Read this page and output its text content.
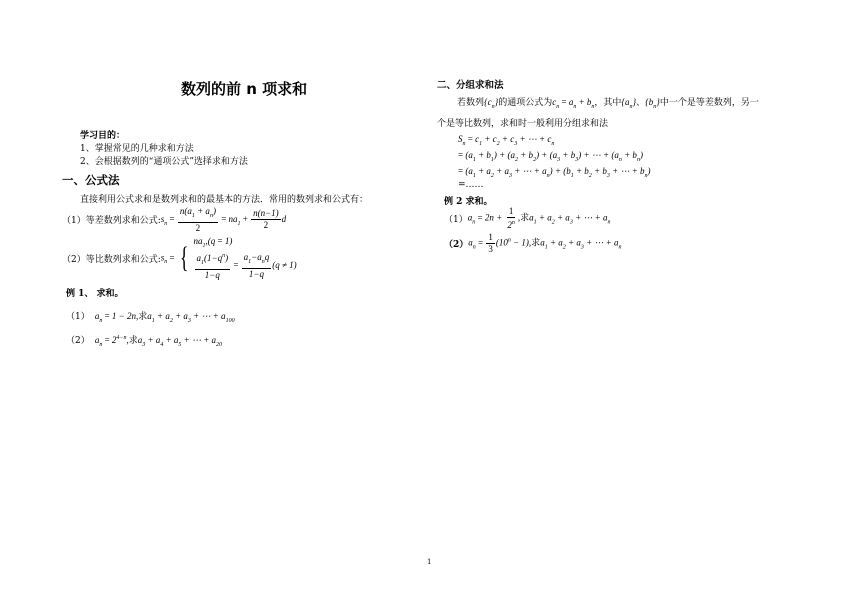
数列的前 n 项求和
学习目的：
1、掌握常见的几种求和方法
2、会根据数列的“通项公式”选择求和方法
一、公式法
直接利用公式求和是数列求和的最基本的方法．常用的数列求和公式有：
（1）等差数列求和公式: $s_n = \frac{n(a_1 + a_n)}{2} = na_1 + \frac{n(n-1)}{2}$ d
（2）等比数列求和公式: $s_n$ = {
$na_1,(q = 1)$
$\frac{a_1(1-q^n)}{1-q} = \frac{a_1-a_nq}{1-q} (q \ne 1)$
例 1、 求和。
（1） $a_n = 1 - 2n$,求$a_1 + a_2 + a_3$ + ⋯ + $a_{100}$
（2） $a_n = 2^{4-n}$,求$a_3 + a_4 + a_5$ + ⋯ + $a_{20}$
二、分组求和法
若数列$\{c_n\}$的通项公式为$c_n = a_n + b_n$，其中$\{a_n\}$、$\{b_n\}$中一个是等差数列，另一
个是等比数列，求和时一般利用分组求和法
$S_n = c_1 + c_2 + c_3$ + ⋯ + $c_n$
= $(a_1 + b_1) + (a_2 + b_2) + (a_3 + b_3)$ + ⋯ + $(a_n + b_n)$
= ($a_1 + a_2 + a_3$ + ⋯ + $a_n) + (b_1 + b_2 + b_3$ + ⋯ + $b_n$)
=……
例 2 求和。
（1） $a_n = 2n + \frac{1}{2^n}$ ,求$a_1 + a_2 + a_3$ + ⋯ + $a_n$
（2） $a_n = \frac{1}{3} (10^n - 1)$,求$a_1 + a_2 + a_3$ + ⋯ + $a_n$
1
